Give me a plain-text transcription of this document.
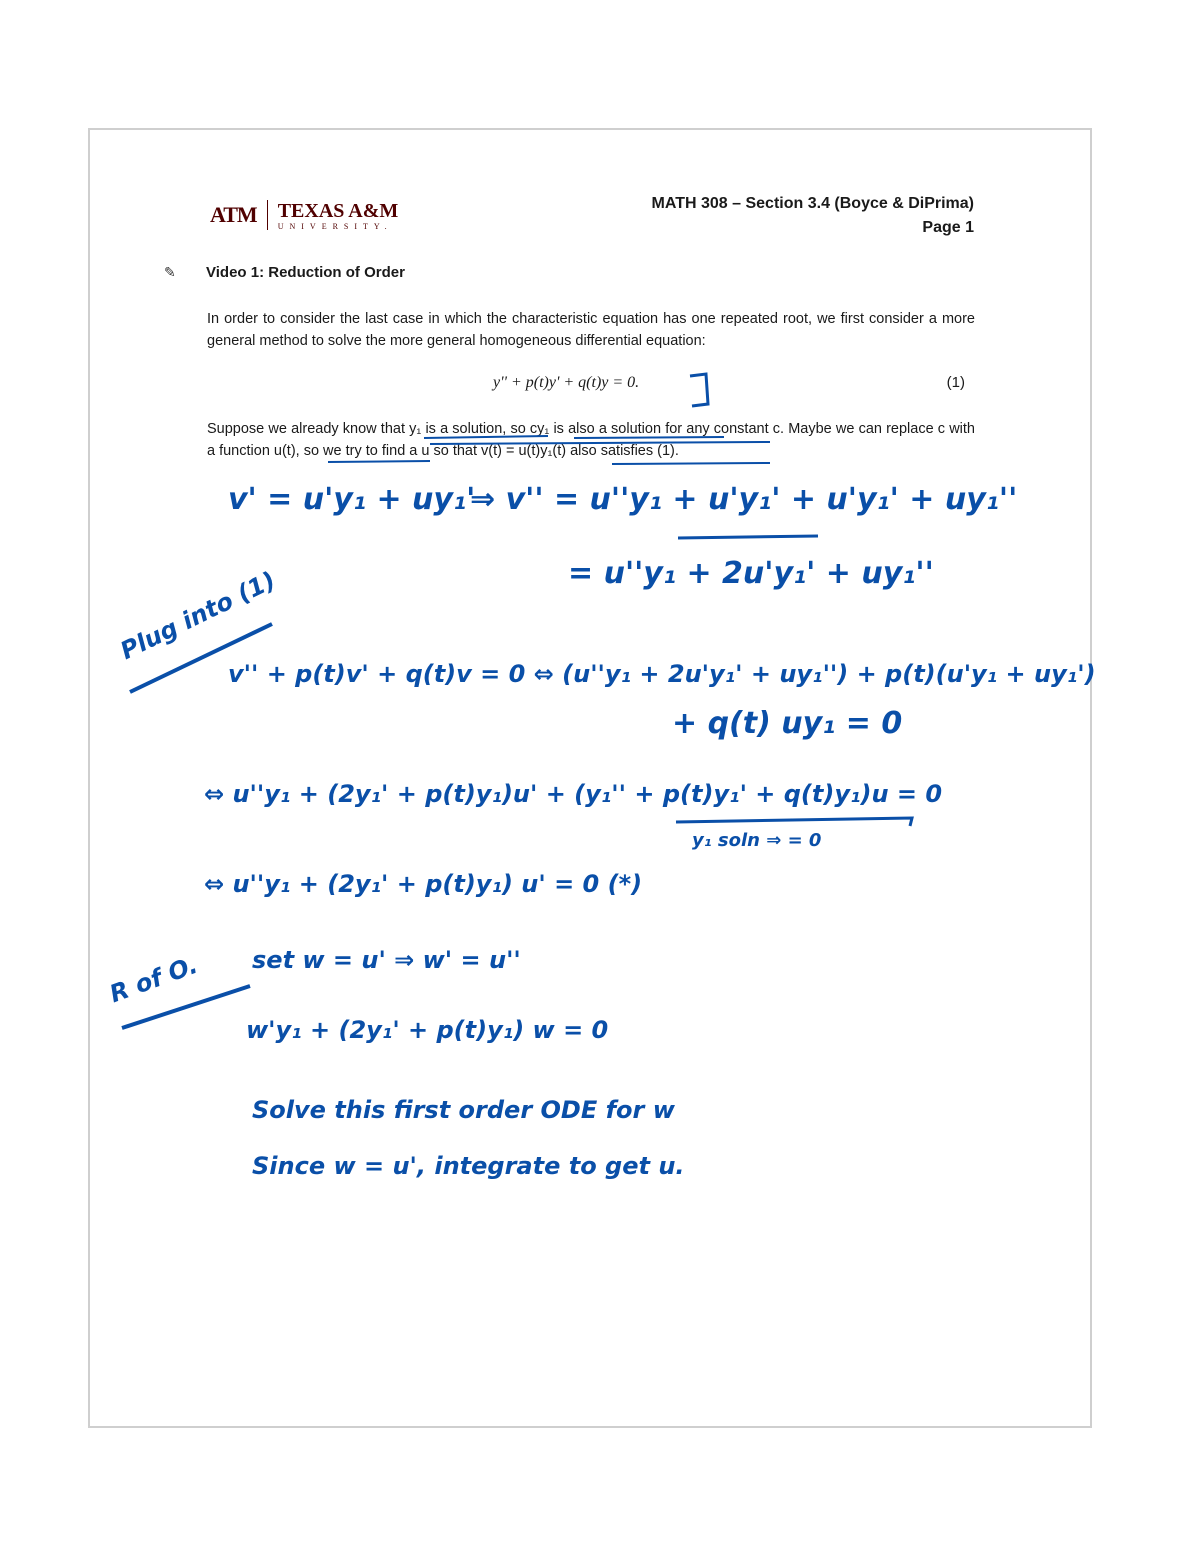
ATM TEXAS A&M
UNIVERSITY.
MATH 308 – Section 3.4 (Boyce & DiPrima)
Page 1
✎	Video 1: Reduction of Order
In order to consider the last case in which the characteristic equation has one repeated root, we first consider a more general method to solve the more general homogeneous differential equation:
y'' + p(t)y' + q(t)y = 0.	(1)
Suppose we already know that y₁ is a solution, so cy₁ is also a solution for any constant c. Maybe we can replace c with a function u(t), so we try to find a u so that v(t) = u(t)y₁(t) also satisfies (1).
v' = u'y₁ + uy₁'
⇒ v'' = u''y₁ + u'y₁' + u'y₁' + uy₁''
= u''y₁ + 2u'y₁' + uy₁''
Plug into (1)
v'' + p(t)v' + q(t)v = 0 ⇔ (u''y₁ + 2u'y₁' + uy₁'') + p(t)(u'y₁ + uy₁')
+ q(t) uy₁ = 0
⇔ u''y₁ + (2y₁' + p(t)y₁)u' + (y₁'' + p(t)y₁' + q(t)y₁)u = 0
y₁ soln ⇒ = 0
⇔ u''y₁ + (2y₁' + p(t)y₁) u' = 0 (*)
R of O. set w = u' ⇒ w' = u''
w'y₁ + (2y₁' + p(t)y₁) w = 0
Solve this first order ODE for w
Since w = u', integrate to get u.
